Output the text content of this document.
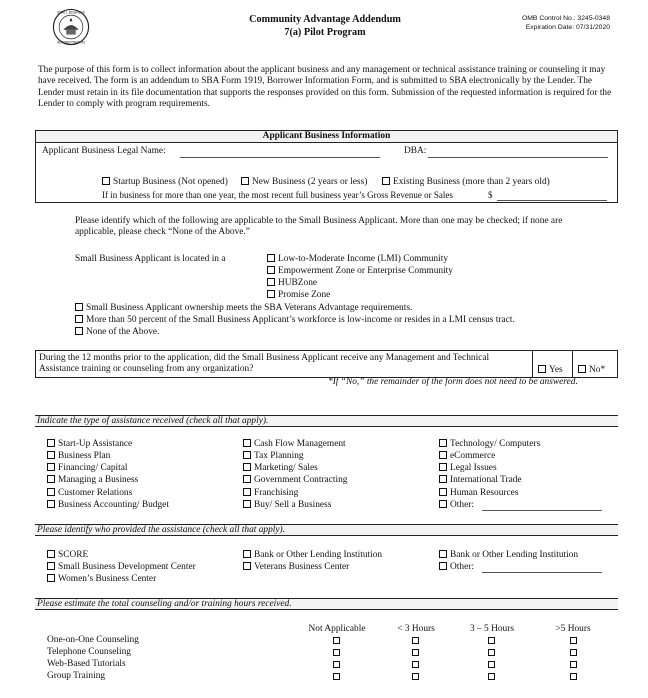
SMALL BUSINESS
ADMINISTRATION
Community Advantage Addendum
7(a) Pilot Program
OMB Control No.: 3245-0348
Expiration Date: 07/31/2020
The purpose of this form is to collect information about the applicant business and any management or technical assistance training or counseling it may have received. The form is an addendum to SBA Form 1919, Borrower Information Form, and is submitted to SBA electronically by the Lender. The Lender must retain in its file documentation that supports the responses provided on this form. Submission of the requested information is required for the Lender to comply with program requirements.
Applicant Business Information
Applicant Business Legal Name:	DBA:
Startup Business (Not opened)	New Business (2 years or less)	Existing Business (more than 2 years old)
If in business for more than one year, the most recent full business year’s Gross Revenue or Sales	$
Please identify which of the following are applicable to the Small Business Applicant. More than one may be checked; if none are applicable, please check “None of the Above.”
Small Business Applicant is located in a	Low-to-Moderate Income (LMI) Community
Empowerment Zone or Enterprise Community
HUBZone
Promise Zone
Small Business Applicant ownership meets the SBA Veterans Advantage requirements.
More than 50 percent of the Small Business Applicant’s workforce is low-income or resides in a LMI census tract.
None of the Above.
During the 12 months prior to the application, did the Small Business Applicant receive any Management and Technical Assistance training or counseling from any organization?	Yes	No*
*If “No,” the remainder of the form does not need to be answered.
Indicate the type of assistance received (check all that apply).
Start-Up Assistance
Business Plan
Financing/ Capital
Managing a Business
Customer Relations
Business Accounting/ Budget
Cash Flow Management
Tax Planning
Marketing/ Sales
Government Contracting
Franchising
Buy/ Sell a Business
Technology/ Computers
eCommerce
Legal Issues
International Trade
Human Resources
Other:
Please identify who provided the assistance (check all that apply).
SCORE
Small Business Development Center
Women’s Business Center
Bank or Other Lending Institution
Veterans Business Center
Bank or Other Lending Institution
Other:
Please estimate the total counseling and/or training hours received.
Not Applicable	< 3 Hours	3 – 5 Hours	>5 Hours
One-on-One Counseling
Telephone Counseling
Web-Based Tutorials
Group Training
